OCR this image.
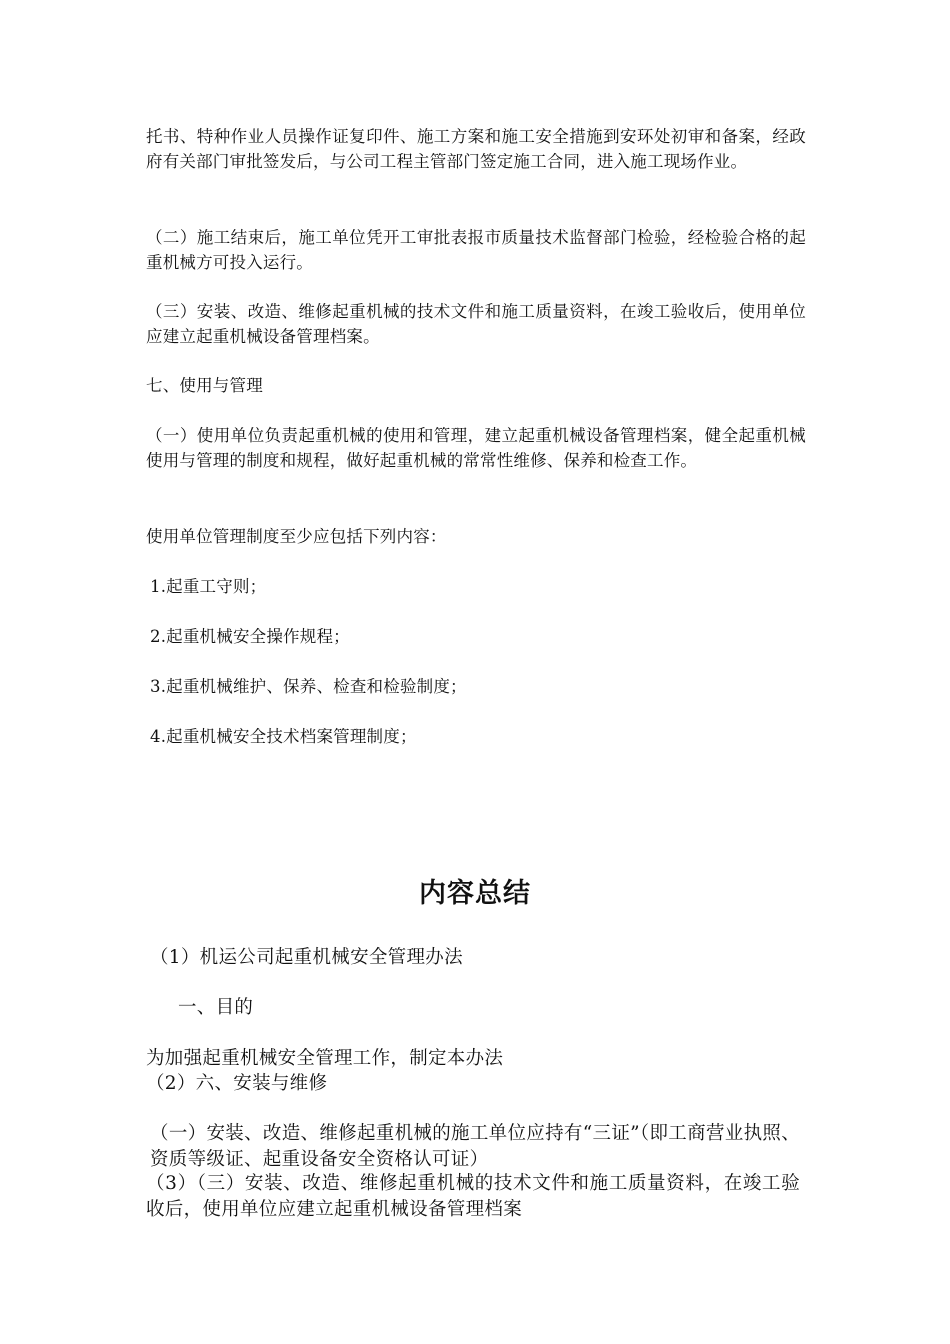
托书、特种作业人员操作证复印件、施工方案和施工安全措施到安环处初审和备案，经政府有关部门审批签发后，与公司工程主管部门签定施工合同，进入施工现场作业。

（二）施工结束后，施工单位凭开工审批表报市质量技术监督部门检验，经检验合格的起重机械方可投入运行。

（三）安装、改造、维修起重机械的技术文件和施工质量资料，在竣工验收后，使用单位应建立起重机械设备管理档案。

七、使用与管理

（一）使用单位负责起重机械的使用和管理，建立起重机械设备管理档案，健全起重机械使用与管理的制度和规程，做好起重机械的常常性维修、保养和检查工作。

使用单位管理制度至少应包括下列内容：

1.起重工守则；

2.起重机械安全操作规程；

3.起重机械维护、保养、检查和检验制度；

4.起重机械安全技术档案管理制度；

内容总结

（1）机运公司起重机械安全管理办法

一、目的

为加强起重机械安全管理工作，制定本办法

（2）六、安装与维修

（一）安装、改造、维修起重机械的施工单位应持有“三证”（即工商营业执照、资质等级证、起重设备安全资格认可证）

（3）（三）安装、改造、维修起重机械的技术文件和施工质量资料，在竣工验收后，使用单位应建立起重机械设备管理档案
